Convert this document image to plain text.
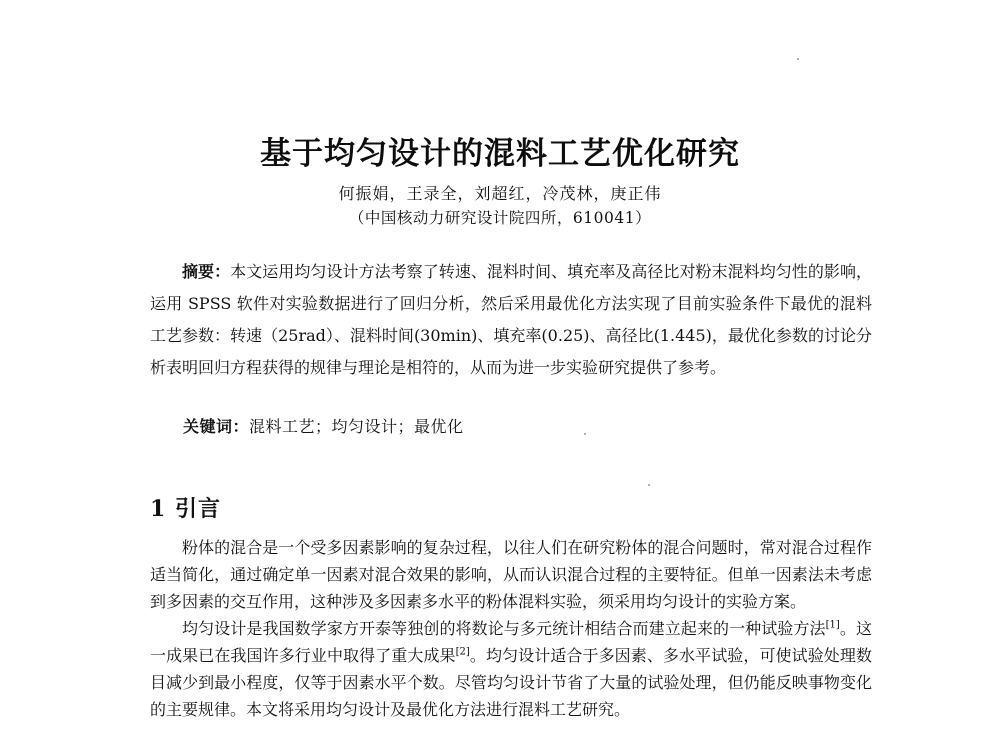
基于均匀设计的混料工艺优化研究
何振娟，王录全，刘超红，冷茂林，庚正伟
（中国核动力研究设计院四所，610041）
摘要：本文运用均匀设计方法考察了转速、混料时间、填充率及高径比对粉末混料均匀性的影响，运用 SPSS 软件对实验数据进行了回归分析，然后采用最优化方法实现了目前实验条件下最优的混料工艺参数：转速（25rad）、混料时间(30min)、填充率(0.25)、高径比(1.445)，最优化参数的讨论分析表明回归方程获得的规律与理论是相符的，从而为进一步实验研究提供了参考。
关键词：混料工艺；均匀设计；最优化
1 引言

粉体的混合是一个受多因素影响的复杂过程，以往人们在研究粉体的混合问题时，常对混合过程作适当简化，通过确定单一因素对混合效果的影响，从而认识混合过程的主要特征。但单一因素法未考虑到多因素的交互作用，这种涉及多因素多水平的粉体混料实验，须采用均匀设计的实验方案。

均匀设计是我国数学家方开泰等独创的将数论与多元统计相结合而建立起来的一种试验方法[1]。这一成果已在我国许多行业中取得了重大成果[2]。均匀设计适合于多因素、多水平试验，可使试验处理数目减少到最小程度，仅等于因素水平个数。尽管均匀设计节省了大量的试验处理，但仍能反映事物变化的主要规律。本文将采用均匀设计及最优化方法进行混料工艺研究。
